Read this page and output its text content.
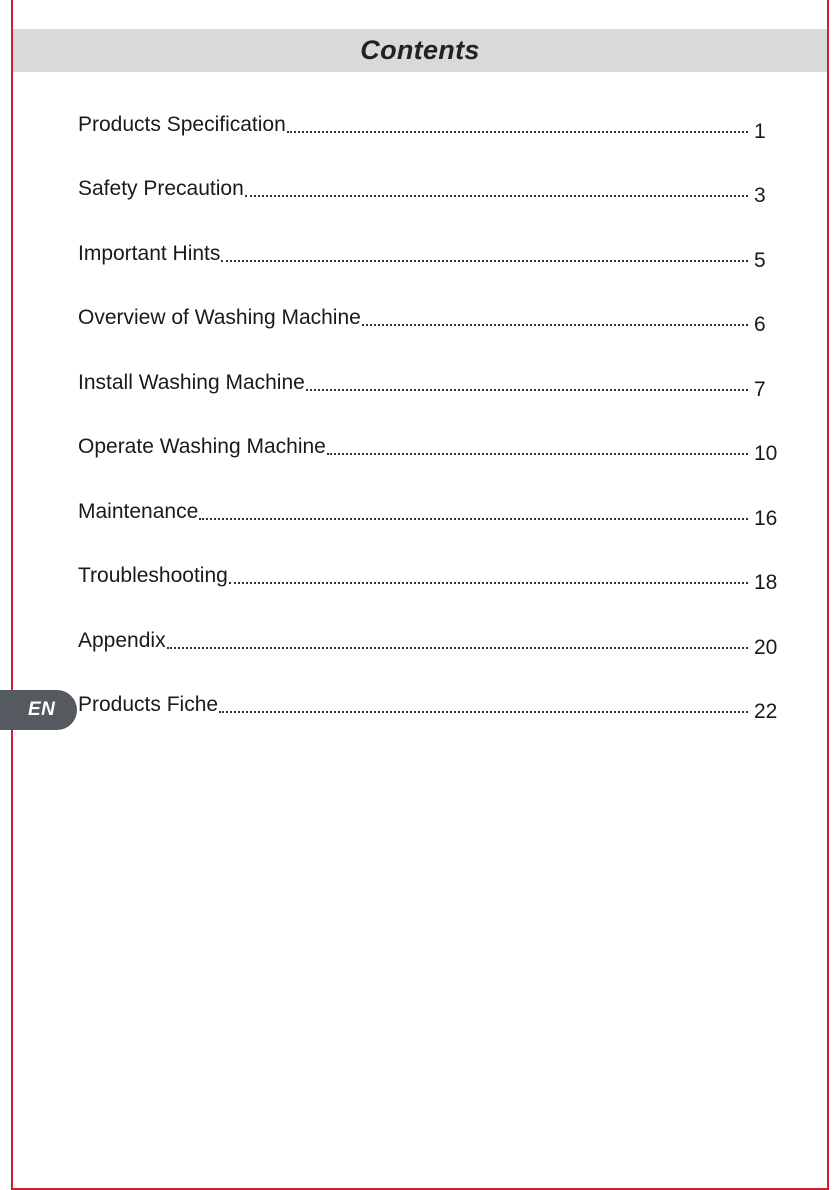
Contents
Products Specification	1
Safety Precaution	3
Important Hints	5
Overview of Washing Machine	6
Install Washing Machine	7
Operate Washing Machine	10
Maintenance	16
Troubleshooting	18
Appendix	20
Products Fiche	22
EN
